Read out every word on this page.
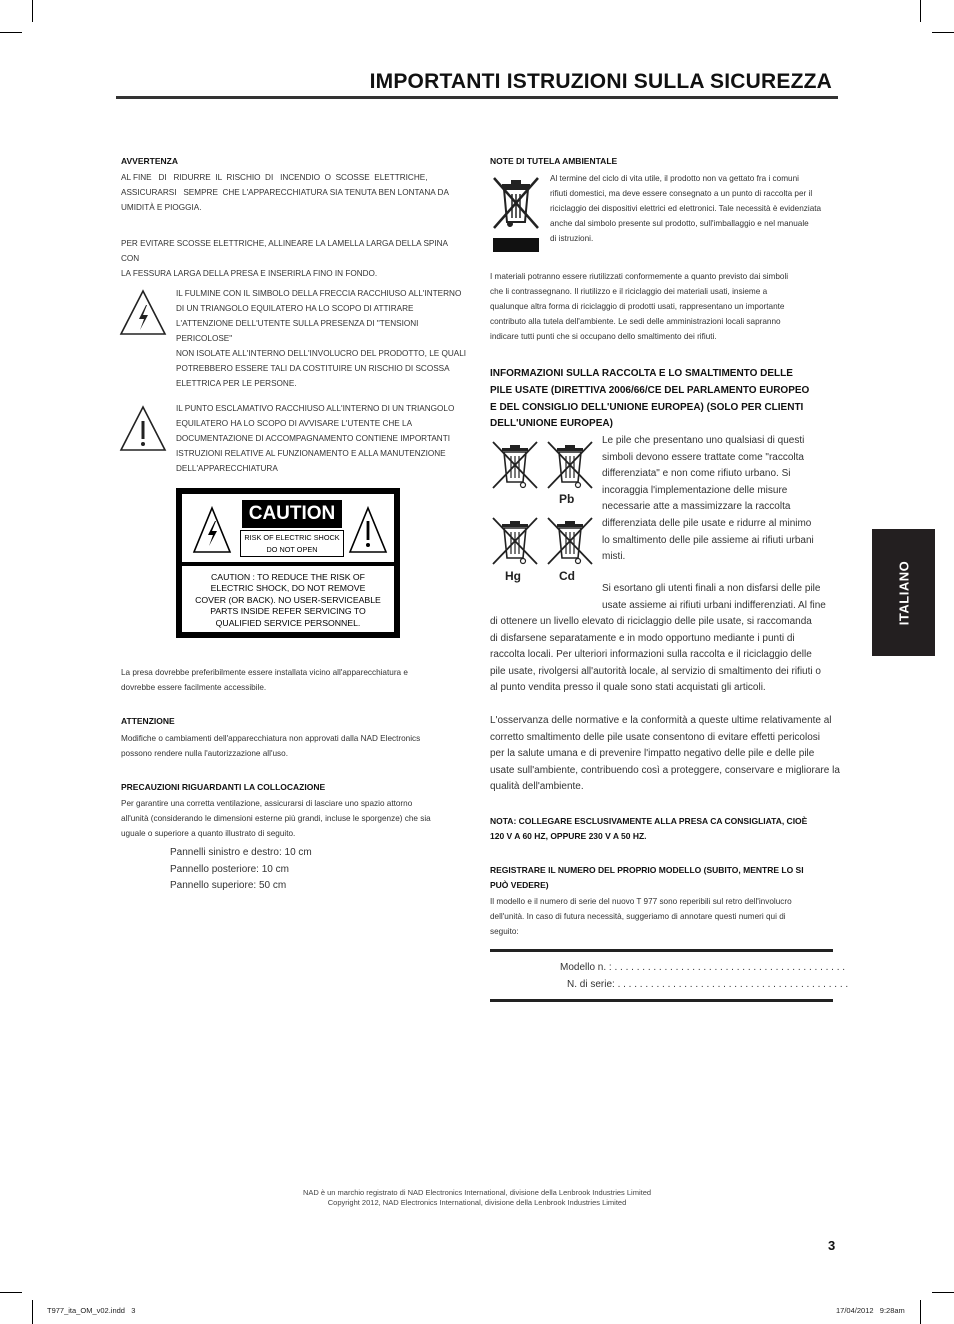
IMPORTANTI ISTRUZIONI SULLA SICUREZZA
ITALIANO
AVVERTENZA
AL FINE   DI   RIDURRE  IL  RISCHIO  DI   INCENDIO  O  SCOSSE  ELETTRICHE,
ASSICURARSI   SEMPRE  CHE L'APPARECCHIATURA SIA TENUTA BEN LONTANA DA
UMIDITÀ E PIOGGIA.
PER EVITARE SCOSSE ELETTRICHE, ALLINEARE LA LAMELLA LARGA DELLA SPINA CON
LA FESSURA LARGA DELLA PRESA E INSERIRLA FINO IN FONDO.
IL FULMINE CON IL SIMBOLO DELLA FRECCIA RACCHIUSO ALL'INTERNO
DI UN TRIANGOLO EQUILATERO HA LO SCOPO DI ATTIRARE
L'ATTENZIONE DELL'UTENTE SULLA PRESENZA DI "TENSIONI PERICOLOSE"
NON ISOLATE ALL'INTERNO DELL'INVOLUCRO DEL PRODOTTO, LE QUALI
POTREBBERO ESSERE TALI DA COSTITUIRE UN RISCHIO DI SCOSSA
ELETTRICA PER LE PERSONE.
IL PUNTO ESCLAMATIVO RACCHIUSO ALL'INTERNO DI UN TRIANGOLO
EQUILATERO HA LO SCOPO DI AVVISARE L'UTENTE CHE LA
DOCUMENTAZIONE DI ACCOMPAGNAMENTO CONTIENE IMPORTANTI
ISTRUZIONI RELATIVE AL FUNZIONAMENTO E ALLA MANUTENZIONE
DELL'APPARECCHIATURA
CAUTION
RISK OF ELECTRIC SHOCK
DO NOT OPEN
CAUTION : TO REDUCE THE RISK OF
ELECTRIC SHOCK, DO NOT REMOVE
COVER (OR BACK). NO USER-SERVICEABLE
PARTS INSIDE REFER SERVICING TO
QUALIFIED SERVICE PERSONNEL.
La presa dovrebbe preferibilmente essere installata vicino all'apparecchiatura e
dovrebbe essere facilmente accessibile.
ATTENZIONE
Modifiche o cambiamenti dell'apparecchiatura non approvati dalla NAD Electronics
possono rendere nulla l'autorizzazione all'uso.
PRECAUZIONI RIGUARDANTI LA COLLOCAZIONE
Per garantire una corretta ventilazione, assicurarsi di lasciare uno spazio attorno
all'unità (considerando le dimensioni esterne più grandi, incluse le sporgenze) che sia
uguale o superiore a quanto illustrato di seguito.
Pannelli sinistro e destro: 10 cm
Pannello posteriore: 10 cm
Pannello superiore: 50 cm
NOTE DI TUTELA AMBIENTALE
Al termine del ciclo di vita utile, il prodotto non va gettato fra i comuni
rifiuti domestici, ma deve essere consegnato a un punto di raccolta per il
riciclaggio dei dispositivi elettrici ed elettronici. Tale necessità è evidenziata
anche dal simbolo presente sul prodotto, sull'imballaggio e nel manuale
di istruzioni.
I materiali potranno essere riutilizzati conformemente a quanto previsto dai simboli
che li contrassegnano. Il riutilizzo e il riciclaggio dei materiali usati, insieme a
qualunque altra forma di riciclaggio di prodotti usati, rappresentano un importante
contributo alla tutela dell'ambiente. Le sedi delle amministrazioni locali sapranno
indicare tutti punti che si occupano dello smaltimento dei rifiuti.
INFORMAZIONI SULLA RACCOLTA E LO SMALTIMENTO DELLE
PILE USATE (DIRETTIVA 2006/66/CE DEL PARLAMENTO EUROPEO
E DEL CONSIGLIO DELL'UNIONE EUROPEA) (SOLO PER CLIENTI
DELL'UNIONE EUROPEA)
Pb
Hg	Cd
Le pile che presentano uno qualsiasi di questi
simboli devono essere trattate come "raccolta
differenziata" e non come rifiuto urbano. Si
incoraggia l'implementazione delle misure
necessarie atte a massimizzare la raccolta
differenziata delle pile usate e ridurre al minimo
lo smaltimento delle pile assieme ai rifiuti urbani
misti.
Si esortano gli utenti finali a non disfarsi delle pile
usate assieme ai rifiuti urbani indifferenziati. Al fine
di ottenere un livello elevato di riciclaggio delle pile usate, si raccomanda
di disfarsene separatamente e in modo opportuno mediante i punti di
raccolta locali. Per ulteriori informazioni sulla raccolta e il riciclaggio delle
pile usate, rivolgersi all'autorità locale, al servizio di smaltimento dei rifiuti o
al punto vendita presso il quale sono stati acquistati gli articoli.
L'osservanza delle normative e la conformità a queste ultime relativamente al
corretto smaltimento delle pile usate consentono di evitare effetti pericolosi
per la salute umana e di prevenire l'impatto negativo delle pile e delle pile
usate sull'ambiente, contribuendo così a proteggere, conservare e migliorare la
qualità dell'ambiente.
NOTA: COLLEGARE ESCLUSIVAMENTE ALLA PRESA CA CONSIGLIATA, CIOÈ
120 V A 60 HZ, OPPURE 230 V A 50 HZ.
REGISTRARE IL NUMERO DEL PROPRIO MODELLO (SUBITO, MENTRE LO SI
PUÒ VEDERE)
Il modello e il numero di serie del nuovo T 977 sono reperibili sul retro dell'involucro
dell'unità. In caso di futura necessità, suggeriamo di annotare questi numeri qui di
seguito:
Modello n. : . . . . . . . . . . . . . . . . . . . . . . . . . . . . . . . . . . . . . . . . . .
N. di serie: . . . . . . . . . . . . . . . . . . . . . . . . . . . . . . . . . . . . . . . . . .
NAD è un marchio registrato di NAD Electronics International, divisione della Lenbrook Industries Limited
Copyright 2012, NAD Electronics International, divisione della Lenbrook Industries Limited
3
T977_ita_OM_v02.indd   3	17/04/2012   9:28am
